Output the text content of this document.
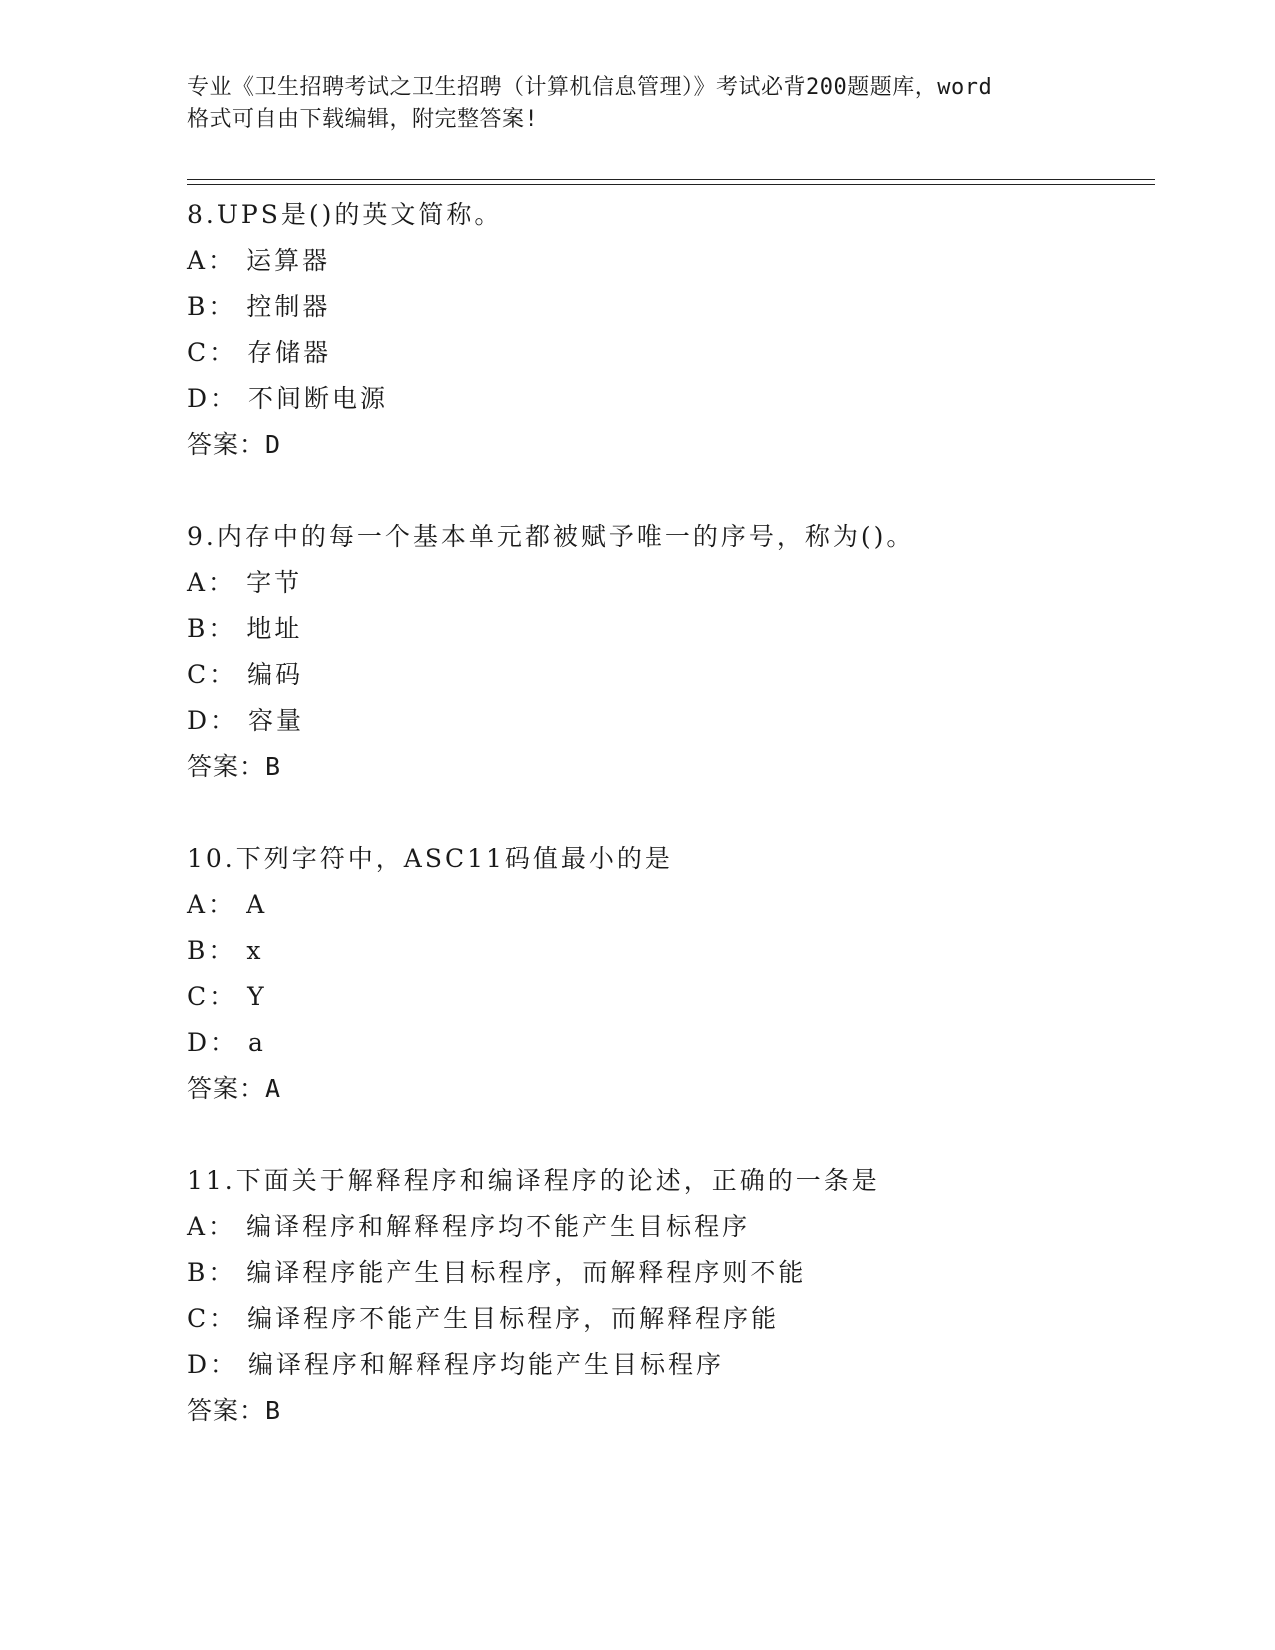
专业《卫生招聘考试之卫生招聘（计算机信息管理）》考试必背200题题库，word
格式可自由下载编辑，附完整答案!
8.UPS是()的英文简称。
A： 运算器
B： 控制器
C： 存储器
D： 不间断电源
答案：D
9.内存中的每一个基本单元都被赋予唯一的序号，称为()。
A： 字节
B： 地址
C： 编码
D： 容量
答案：B
10.下列字符中，ASC11码值最小的是
A： A
B： x
C： Y
D： a
答案：A
11.下面关于解释程序和编译程序的论述，正确的一条是
A： 编译程序和解释程序均不能产生目标程序
B： 编译程序能产生目标程序，而解释程序则不能
C： 编译程序不能产生目标程序，而解释程序能
D： 编译程序和解释程序均能产生目标程序
答案：B
